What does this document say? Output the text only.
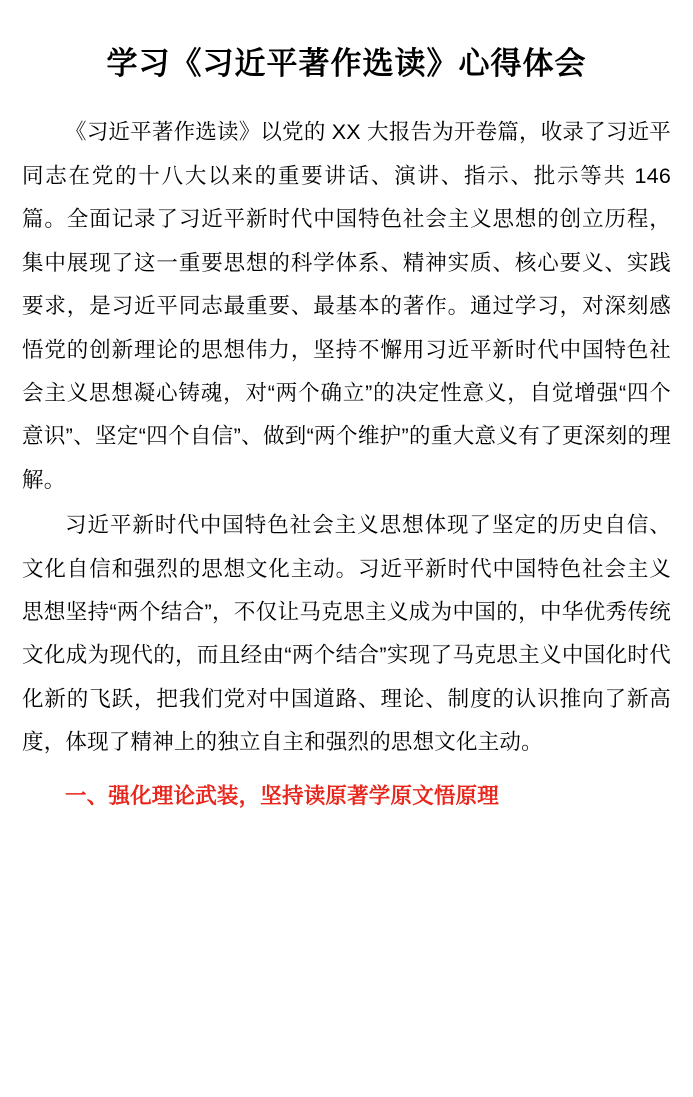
学习《习近平著作选读》心得体会

《习近平著作选读》以党的 XX 大报告为开卷篇，收录了习近平同志在党的十八大以来的重要讲话、演讲、指示、批示等共 146 篇。全面记录了习近平新时代中国特色社会主义思想的创立历程，集中展现了这一重要思想的科学体系、精神实质、核心要义、实践要求，是习近平同志最重要、最基本的著作。通过学习，对深刻感悟党的创新理论的思想伟力，坚持不懈用习近平新时代中国特色社会主义思想凝心铸魂，对“两个确立”的决定性意义，自觉增强“四个意识”、坚定“四个自信”、做到“两个维护”的重大意义有了更深刻的理解。

习近平新时代中国特色社会主义思想体现了坚定的历史自信、文化自信和强烈的思想文化主动。习近平新时代中国特色社会主义思想坚持“两个结合”，不仅让马克思主义成为中国的，中华优秀传统文化成为现代的，而且经由“两个结合”实现了马克思主义中国化时代化新的飞跃，把我们党对中国道路、理论、制度的认识推向了新高度，体现了精神上的独立自主和强烈的思想文化主动。

一、强化理论武装，坚持读原著学原文悟原理
